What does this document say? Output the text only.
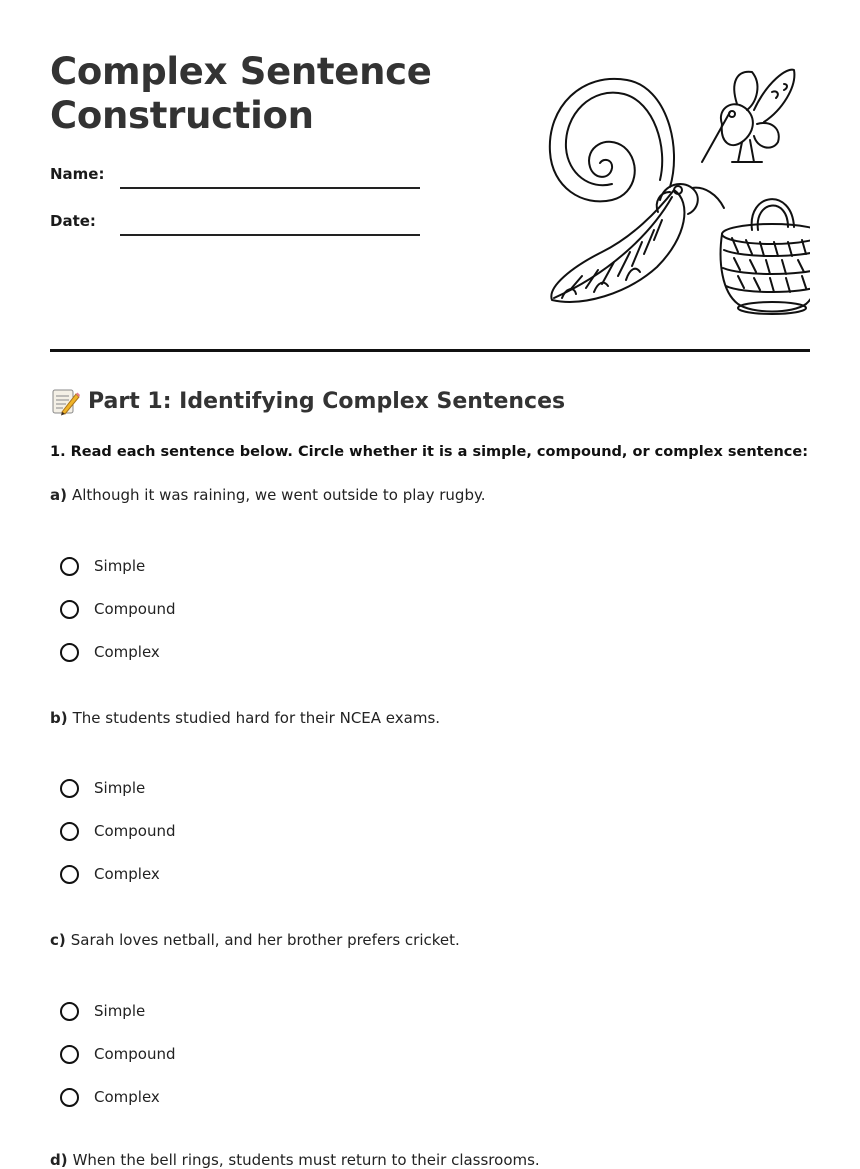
Complex Sentence Construction
Name:
Date:
Part 1: Identifying Complex Sentences
1. Read each sentence below. Circle whether it is a simple, compound, or complex sentence:
a) Although it was raining, we went outside to play rugby.
Simple
Compound
Complex
b) The students studied hard for their NCEA exams.
Simple
Compound
Complex
c) Sarah loves netball, and her brother prefers cricket.
Simple
Compound
Complex
d) When the bell rings, students must return to their classrooms.
